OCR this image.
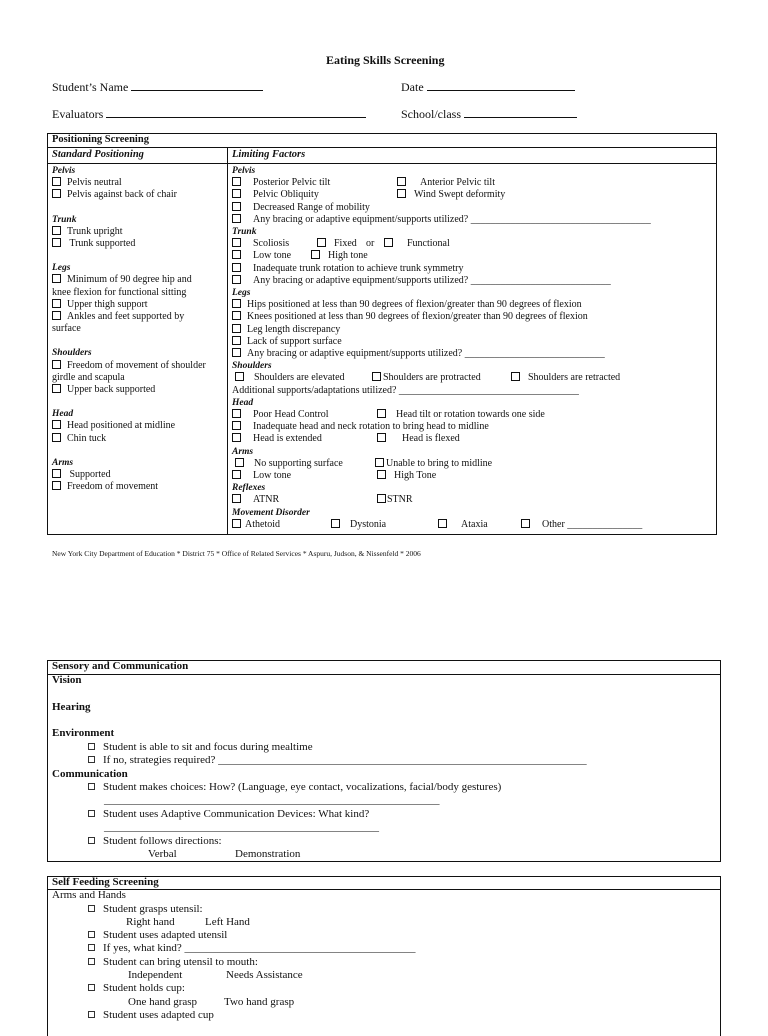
Eating Skills Screening
Student’s Name	Date
Evaluators	School/class
Positioning Screening
Standard Positioning	Limiting Factors
Pelvis
Pelvis neutral
Pelvis against back of chair
Trunk
Trunk upright
Trunk supported
Legs
Minimum of 90 degree hip and
knee flexion for functional sitting
Upper thigh support
Ankles and feet supported by
surface
Shoulders
Freedom of movement of shoulder
girdle and scapula
Upper back supported
Head
Head positioned at midline
Chin tuck
Arms
Supported
Freedom of movement
Pelvis
Posterior Pelvic tilt	Anterior Pelvic tilt
Pelvic Obliquity	Wind Swept deformity
Decreased Range of mobility
Any bracing or adaptive equipment/supports utilized? ____________________________________
Trunk
Scoliosis	Fixed or	Functional
Low tone	High tone
Inadequate trunk rotation to achieve trunk symmetry
Any bracing or adaptive equipment/supports utilized? ____________________________
Legs
Hips positioned at less than 90 degrees of flexion/greater than 90 degrees of flexion
Knees positioned at less than 90 degrees of flexion/greater than 90 degrees of flexion
Leg length discrepancy
Lack of support surface
Any bracing or adaptive equipment/supports utilized? ____________________________
Shoulders
Shoulders are elevated	Shoulders are protracted	Shoulders are retracted
Additional supports/adaptations utilized? ____________________________________
Head
Poor Head Control	Head tilt or rotation towards one side
Inadequate head and neck rotation to bring head to midline
Head is extended	Head is flexed
Arms
No supporting surface	Unable to bring to midline
Low tone	High Tone
Reflexes
ATNR	STNR
Movement Disorder
Athetoid	Dystonia	Ataxia	Other _______________
New York City Department of Education * District 75 * Office of Related Services * Aspuru, Judson, & Nissenfeld * 2006
Sensory and Communication
Vision
Hearing
Environment
Student is able to sit and focus during mealtime
If no, strategies required? ___________________________________________________________________
Communication
Student makes choices: How? (Language, eye contact, vocalizations, facial/body gestures)
_____________________________________________________________
Student uses Adaptive Communication Devices: What kind?
__________________________________________________
Student follows directions:
Verbal	Demonstration
Self Feeding Screening
Arms and Hands
Student grasps utensil:
Right hand	Left Hand
Student uses adapted utensil
If yes, what kind? __________________________________________
Student can bring utensil to mouth:
Independent	Needs Assistance
Student holds cup:
One hand grasp Two hand grasp
Student uses adapted cup
